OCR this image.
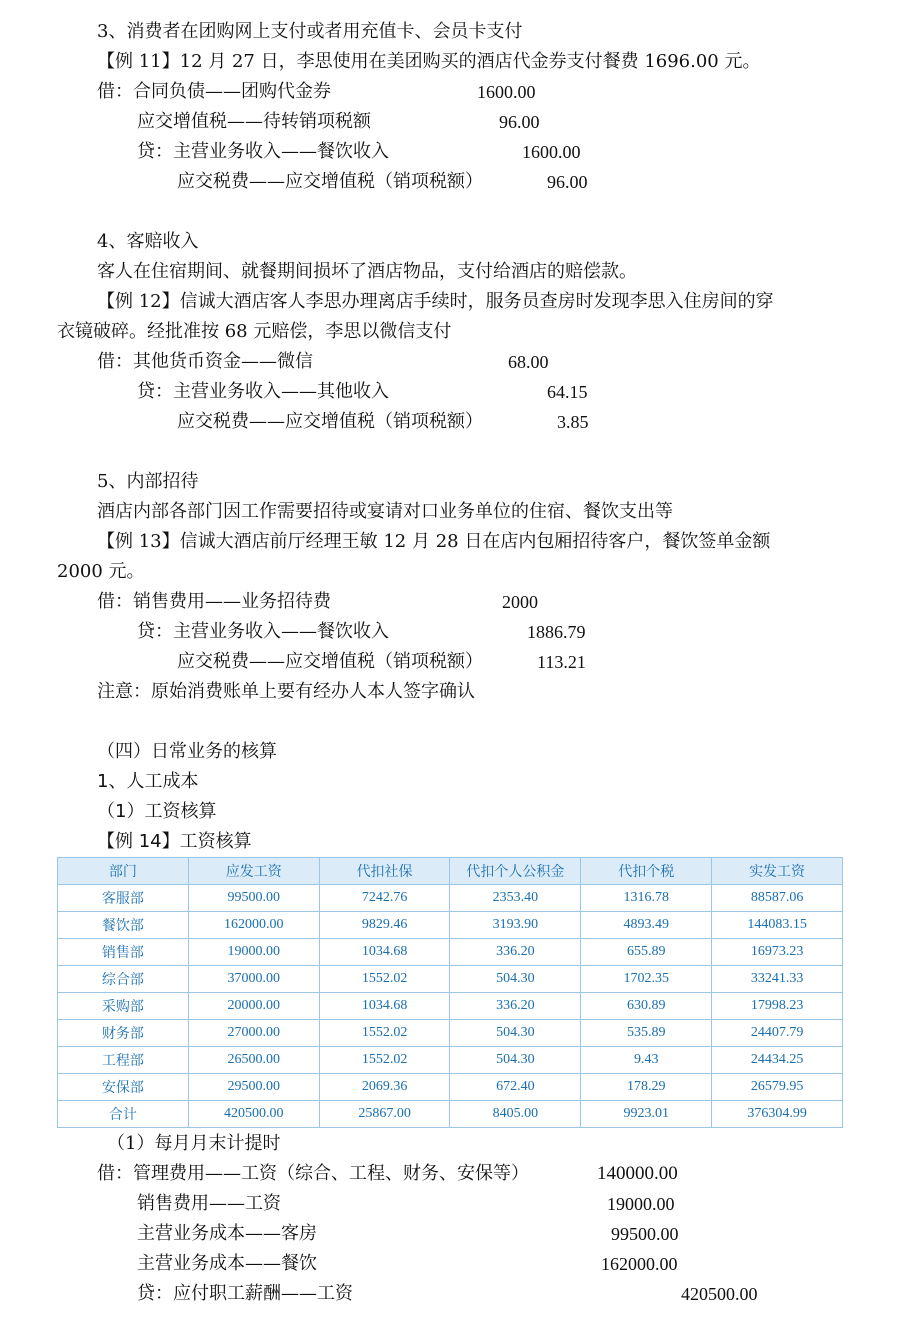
3、消费者在团购网上支付或者用充值卡、会员卡支付
【例 11】12 月 27 日，李思使用在美团购买的酒店代金券支付餐费 1696.00 元。
借：合同负债——团购代金券	1600.00
应交增值税——待转销项税额	96.00
贷：主营业务收入——餐饮收入	1600.00
应交税费——应交增值税（销项税额）	96.00
4、客赔收入
客人在住宿期间、就餐期间损坏了酒店物品，支付给酒店的赔偿款。
【例 12】信诚大酒店客人李思办理离店手续时，服务员查房时发现李思入住房间的穿
衣镜破碎。经批准按 68 元赔偿，李思以微信支付
借：其他货币资金——微信	68.00
贷：主营业务收入——其他收入	64.15
应交税费——应交增值税（销项税额）	3.85
5、内部招待
酒店内部各部门因工作需要招待或宴请对口业务单位的住宿、餐饮支出等
【例 13】信诚大酒店前厅经理王敏 12 月 28 日在店内包厢招待客户，餐饮签单金额
2000 元。
借：销售费用——业务招待费	2000
贷：主营业务收入——餐饮收入	1886.79
应交税费——应交增值税（销项税额）	113.21
注意：原始消费账单上要有经办人本人签字确认
（四）日常业务的核算
1、人工成本
（1）工资核算
【例 14】工资核算
部门	应发工资	代扣社保	代扣个人公积金	代扣个税	实发工资
客服部	99500.00	7242.76	2353.40	1316.78	88587.06
餐饮部	162000.00	9829.46	3193.90	4893.49	144083.15
销售部	19000.00	1034.68	336.20	655.89	16973.23
综合部	37000.00	1552.02	504.30	1702.35	33241.33
采购部	20000.00	1034.68	336.20	630.89	17998.23
财务部	27000.00	1552.02	504.30	535.89	24407.79
工程部	26500.00	1552.02	504.30	9.43	24434.25
安保部	29500.00	2069.36	672.40	178.29	26579.95
合计	420500.00	25867.00	8405.00	9923.01	376304.99
（1）每月月末计提时
借：管理费用——工资（综合、工程、财务、安保等）	140000.00
销售费用——工资	19000.00
主营业务成本——客房	99500.00
主营业务成本——餐饮	162000.00
贷：应付职工薪酬——工资	420500.00
